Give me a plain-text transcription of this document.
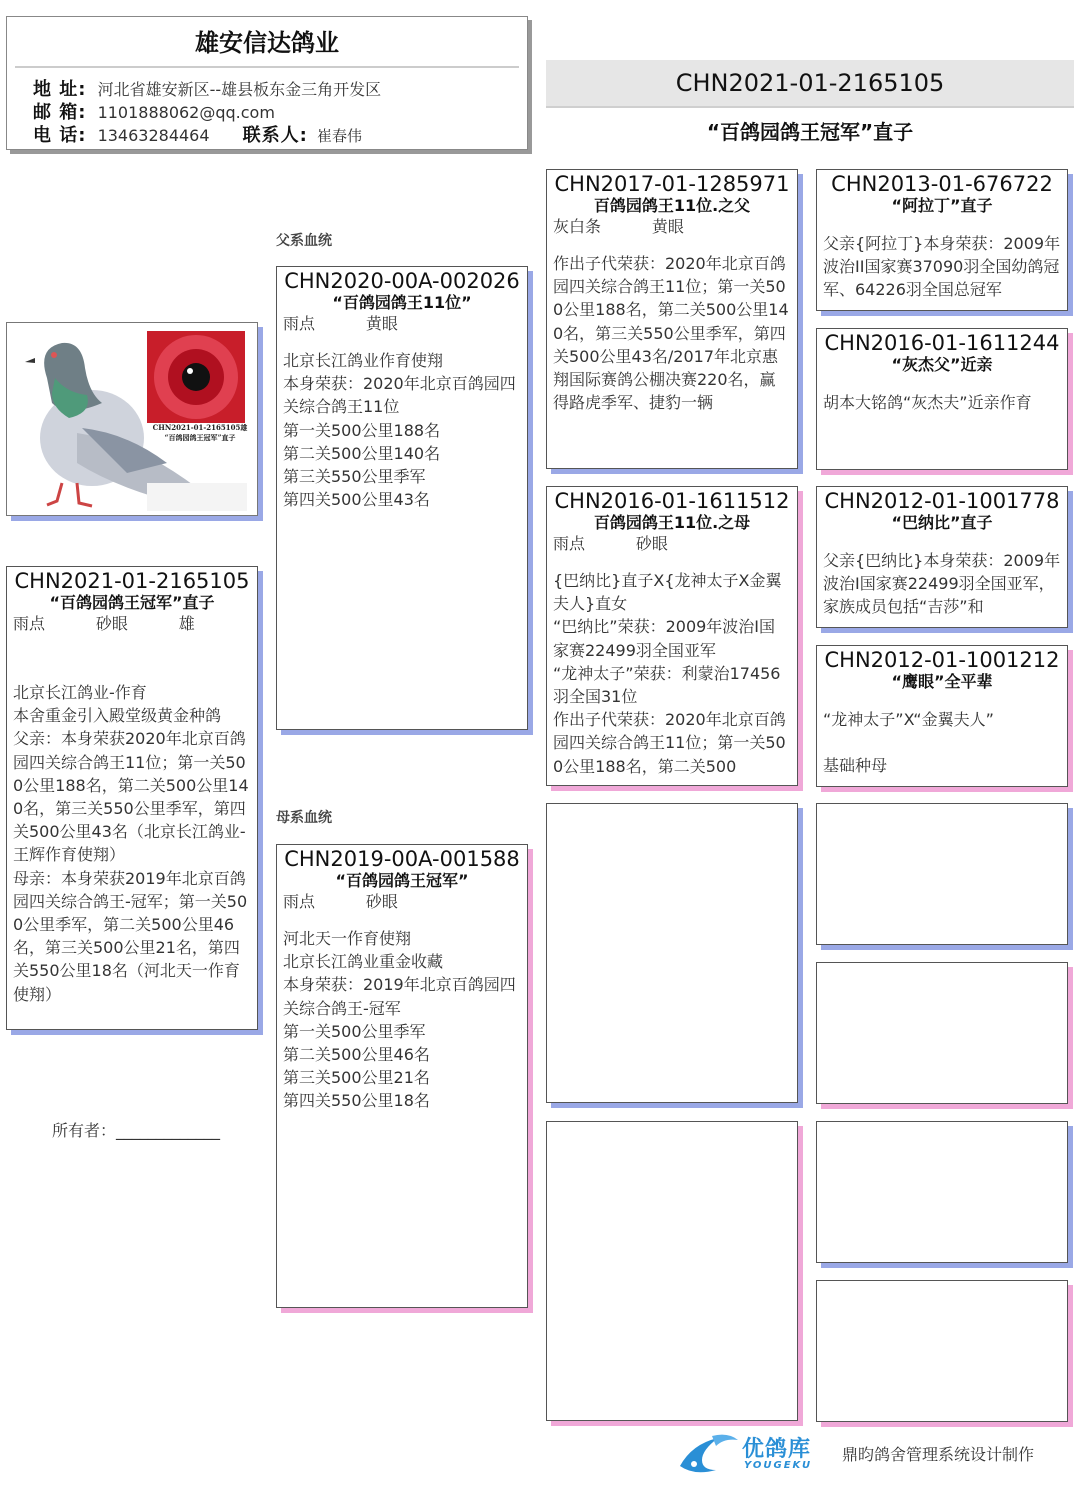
雄安信达鸽业
地 址: 河北省雄安新区--雄县板东金三角开发区
邮 箱: 1101888062@qq.com
电 话: 13463284464 联系人: 崔春伟
CHN2021-01-2165105
“百鸽园鸽王冠军”直子
CHN2021-01-2165105雄
“百鸽园鸽王冠军”直子
CHN2021-01-2165105
“百鸽园鸽王冠军”直子
雨点          砂眼          雄
北京长江鸽业-作育
本舍重金引入殿堂级黄金种鸽
父亲：本身荣获2020年北京百鸽园四关综合鸽王11位；第一关500公里188名，第二关500公里140名，第三关550公里季军，第四关500公里43名（北京长江鸽业-王辉作育使翔）
母亲：本身荣获2019年北京百鸽园四关综合鸽王-冠军；第一关500公里季军，第二关500公里46名，第三关500公里21名，第四关550公里18名（河北天一作育使翔）
所有者：_____________
父系血统
母系血统
CHN2020-00A-002026
“百鸽园鸽王11位”
雨点          黄眼
北京长江鸽业作育使翔
本身荣获：2020年北京百鸽园四关综合鸽王11位
第一关500公里188名
第二关500公里140名
第三关550公里季军
第四关500公里43名
CHN2019-00A-001588
“百鸽园鸽王冠军”
雨点          砂眼
河北天一作育使翔
北京长江鸽业重金收藏
本身荣获：2019年北京百鸽园四关综合鸽王-冠军
第一关500公里季军
第二关500公里46名
第三关500公里21名
第四关550公里18名
CHN2017-01-1285971
百鸽园鸽王11位.之父
灰白条          黄眼
作出子代荣获：2020年北京百鸽园四关综合鸽王11位；第一关500公里188名，第二关500公里140名，第三关550公里季军，第四关500公里43名/2017年北京惠翔国际赛鸽公棚决赛220名，赢得路虎季军、捷豹一辆
CHN2016-01-1611512
百鸽园鸽王11位.之母
雨点          砂眼
{巴纳比}直子X{龙神太子X金翼夫人}直女
“巴纳比”荣获：2009年波治I国家赛22499羽全国亚军
“龙神太子”荣获：利蒙治17456羽全国31位
作出子代荣获：2020年北京百鸽园四关综合鸽王11位；第一关500公里188名，第二关500
CHN2013-01-676722
“阿拉丁”直子
父亲{阿拉丁}本身荣获：2009年波治II国家赛37090羽全国幼鸽冠军、64226羽全国总冠军
CHN2016-01-1611244
“灰杰父”近亲
胡本大铭鸽“灰杰夫”近亲作育
CHN2012-01-1001778
“巴纳比”直子
父亲{巴纳比}本身荣获：2009年波治I国家赛22499羽全国亚军，家族成员包括“吉莎”和
CHN2012-01-1001212
“鹰眼”全平辈
“龙神太子”X“金翼夫人”

基础种母
优鸽库
YOUGEKU
鼎昀鸽舍管理系统设计制作
